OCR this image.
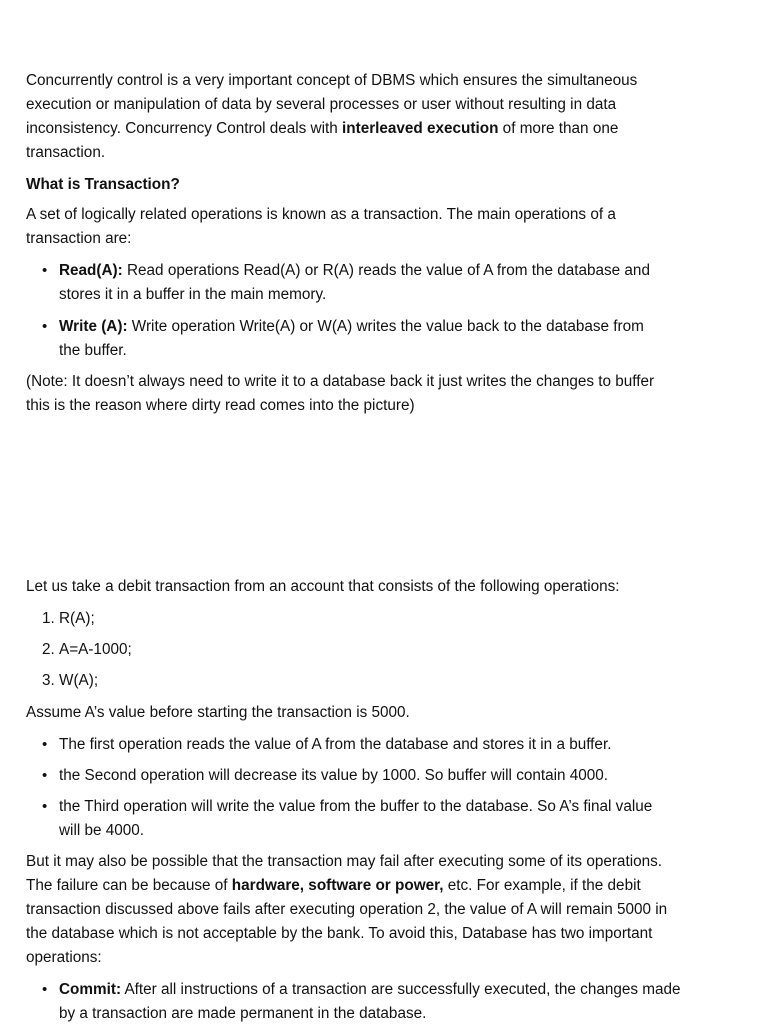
Concurrently control is a very important concept of DBMS which ensures the simultaneous

execution or manipulation of data by several processes or user without resulting in data

inconsistency. Concurrency Control deals with interleaved execution of more than one

transaction.

What is Transaction?

A set of logically related operations is known as a transaction. The main operations of a

transaction are:

• Read(A): Read operations Read(A) or R(A) reads the value of A from the database and

stores it in a buffer in the main memory.

• Write (A): Write operation Write(A) or W(A) writes the value back to the database from

the buffer.

(Note: It doesn’t always need to write it to a database back it just writes the changes to buffer

this is the reason where dirty read comes into the picture)

Let us take a debit transaction from an account that consists of the following operations:

1. R(A);

2. A=A-1000;

3. W(A);

Assume A’s value before starting the transaction is 5000.

• The first operation reads the value of A from the database and stores it in a buffer.

• the Second operation will decrease its value by 1000. So buffer will contain 4000.

• the Third operation will write the value from the buffer to the database. So A’s final value

will be 4000.

But it may also be possible that the transaction may fail after executing some of its operations.

The failure can be because of hardware, software or power, etc. For example, if the debit

transaction discussed above fails after executing operation 2, the value of A will remain 5000 in

the database which is not acceptable by the bank. To avoid this, Database has two important

operations:

• Commit: After all instructions of a transaction are successfully executed, the changes made

by a transaction are made permanent in the database.
